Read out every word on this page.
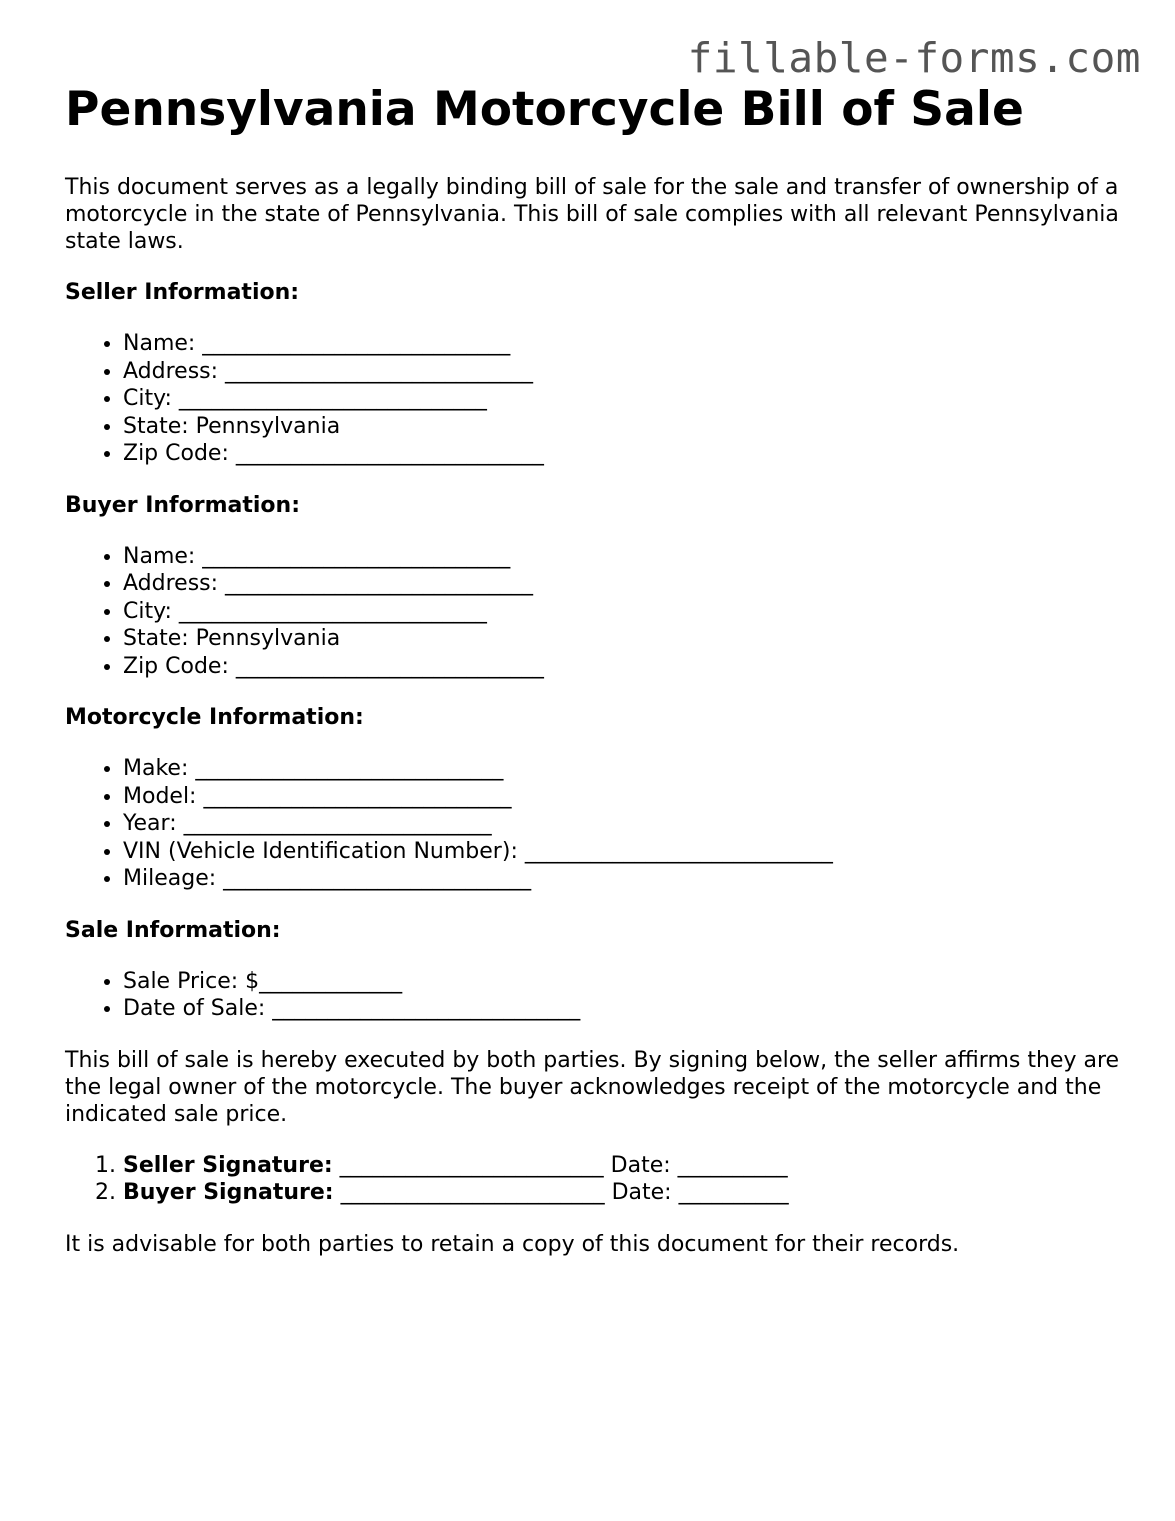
fillable-forms.com
Pennsylvania Motorcycle Bill of Sale

This document serves as a legally binding bill of sale for the sale and transfer of ownership of a motorcycle in the state of Pennsylvania. This bill of sale complies with all relevant Pennsylvania state laws.

Seller Information:
• Name: ____________________________
• Address: ____________________________
• City: ____________________________
• State: Pennsylvania
• Zip Code: ____________________________
Buyer Information:
• Name: ____________________________
• Address: ____________________________
• City: ____________________________
• State: Pennsylvania
• Zip Code: ____________________________
Motorcycle Information:
• Make: ____________________________
• Model: ____________________________
• Year: ____________________________
• VIN (Vehicle Identification Number): ____________________________
• Mileage: ____________________________
Sale Information:
• Sale Price: $_____________
• Date of Sale: ____________________________

This bill of sale is hereby executed by both parties. By signing below, the seller affirms they are the legal owner of the motorcycle. The buyer acknowledges receipt of the motorcycle and the indicated sale price.

1. Seller Signature: ________________________ Date: __________
2. Buyer Signature: ________________________ Date: __________

It is advisable for both parties to retain a copy of this document for their records.
